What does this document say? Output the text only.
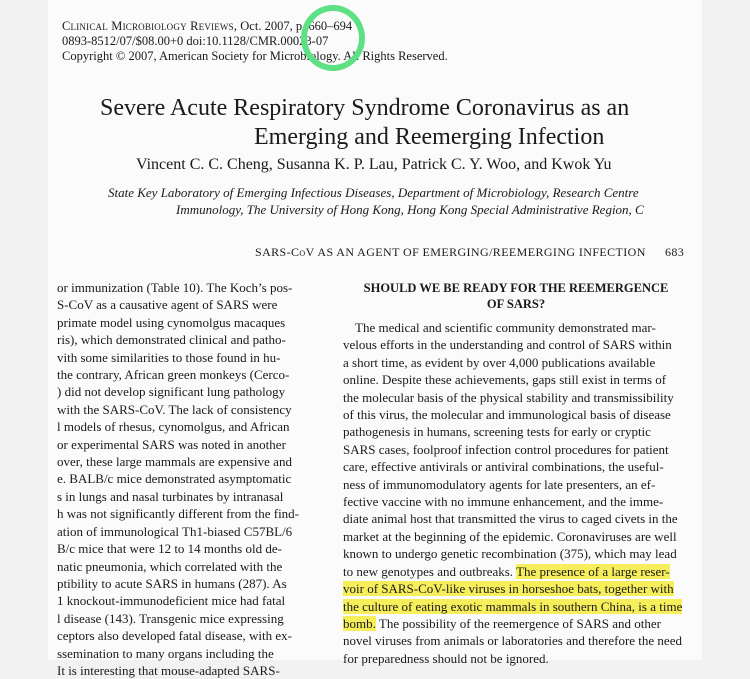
Clinical Microbiology Reviews, Oct. 2007, p. 660–694
0893-8512/07/$08.00+0 doi:10.1128/CMR.00023-07
Copyright © 2007, American Society for Microbiology. All Rights Reserved.
Severe Acute Respiratory Syndrome Coronavirus as an
Emerging and Reemerging Infection
Vincent C. C. Cheng, Susanna K. P. Lau, Patrick C. Y. Woo, and Kwok Yu
State Key Laboratory of Emerging Infectious Diseases, Department of Microbiology, Research Centre
Immunology, The University of Hong Kong, Hong Kong Special Administrative Region, C
SARS-CoV AS AN AGENT OF EMERGING/REEMERGING INFECTION 683
or immunization (Table 10). The Koch’s pos-
S-CoV as a causative agent of SARS were
primate model using cynomolgus macaques
ris), which demonstrated clinical and patho-
vith some similarities to those found in hu-
the contrary, African green monkeys (Cerco-
) did not develop significant lung pathology
with the SARS-CoV. The lack of consistency
l models of rhesus, cynomolgus, and African
or experimental SARS was noted in another
over, these large mammals are expensive and
e. BALB/c mice demonstrated asymptomatic
s in lungs and nasal turbinates by intranasal
h was not significantly different from the find-
ation of immunological Th1-biased C57BL/6
B/c mice that were 12 to 14 months old de-
natic pneumonia, which correlated with the
ptibility to acute SARS in humans (287). As
1 knockout-immunodeficient mice had fatal
l disease (143). Transgenic mice expressing
ceptors also developed fatal disease, with ex-
ssemination to many organs including the
It is interesting that mouse-adapted SARS-
SHOULD WE BE READY FOR THE REEMERGENCE
OF SARS?
The medical and scientific community demonstrated mar-
velous efforts in the understanding and control of SARS within
a short time, as evident by over 4,000 publications available
online. Despite these achievements, gaps still exist in terms of
the molecular basis of the physical stability and transmissibility
of this virus, the molecular and immunological basis of disease
pathogenesis in humans, screening tests for early or cryptic
SARS cases, foolproof infection control procedures for patient
care, effective antivirals or antiviral combinations, the useful-
ness of immunomodulatory agents for late presenters, an ef-
fective vaccine with no immune enhancement, and the imme-
diate animal host that transmitted the virus to caged civets in the
market at the beginning of the epidemic. Coronaviruses are well
known to undergo genetic recombination (375), which may lead
to new genotypes and outbreaks. The presence of a large reser-
voir of SARS-CoV-like viruses in horseshoe bats, together with
the culture of eating exotic mammals in southern China, is a time
bomb. The possibility of the reemergence of SARS and other
novel viruses from animals or laboratories and therefore the need
for preparedness should not be ignored.
